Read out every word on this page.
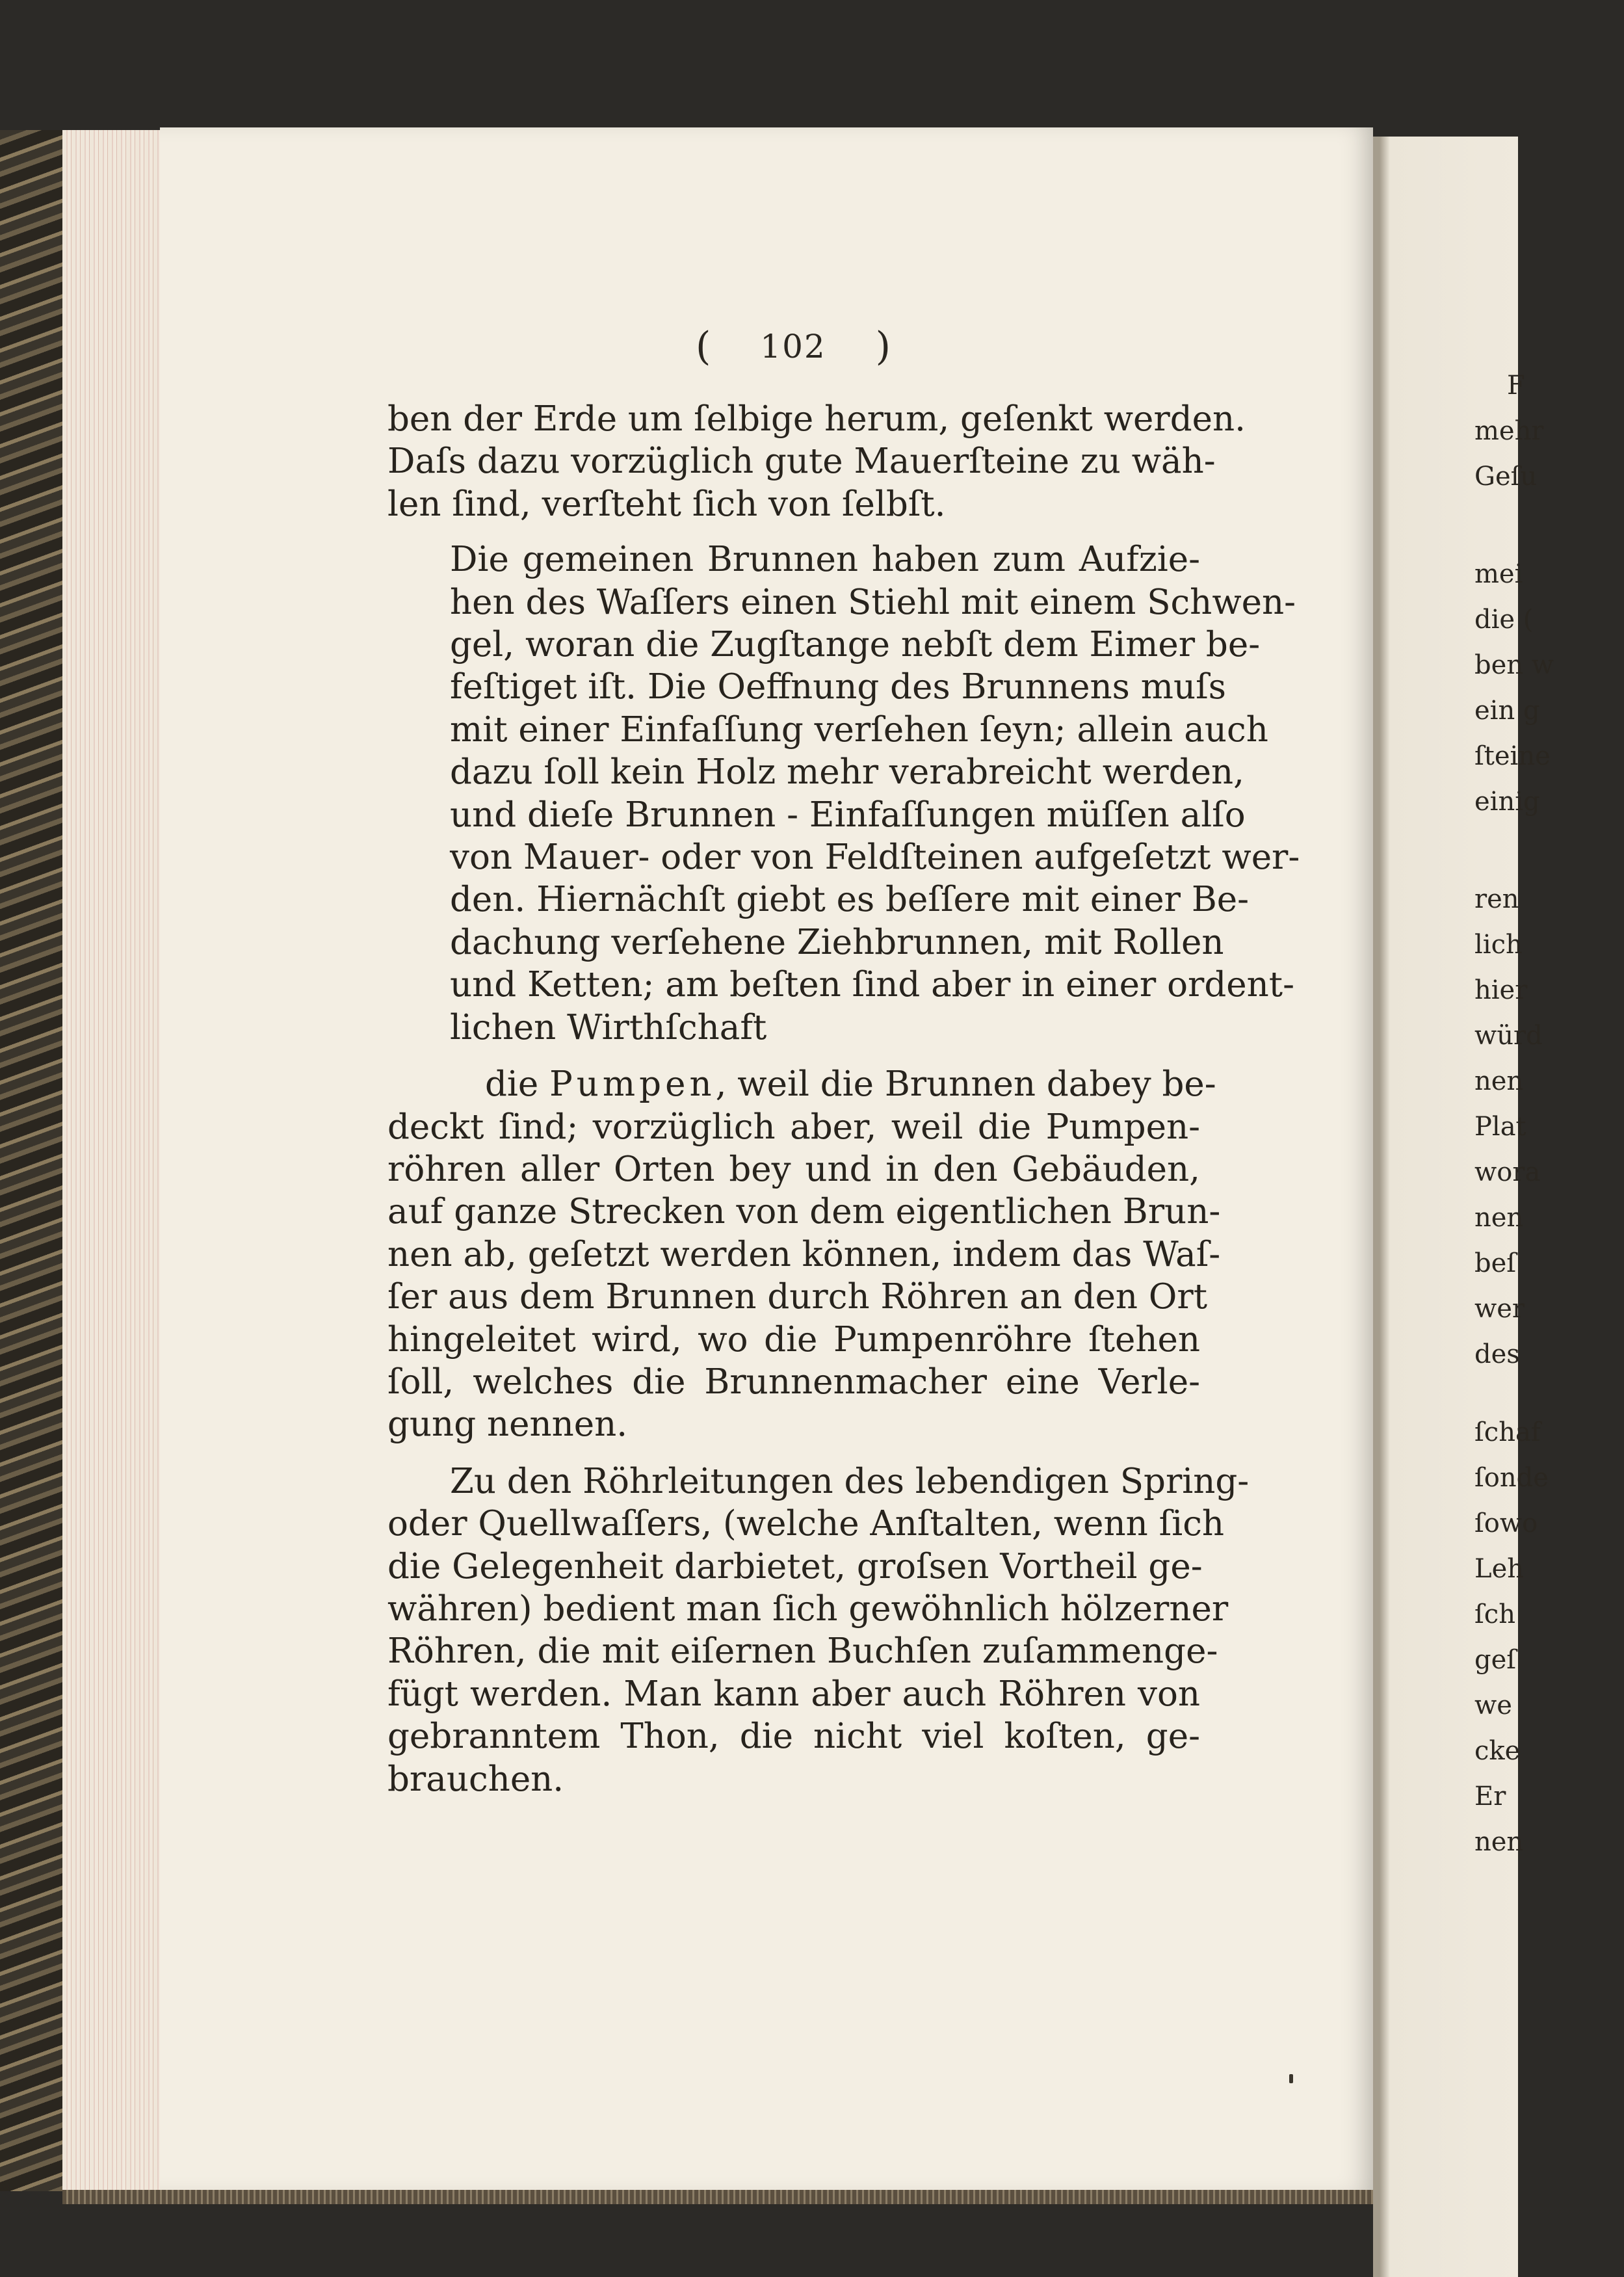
F
mehr
Geſu
mei
die (
ben w
ein g
ſteine
einig
ren
lich
hier
würd
nen
Plat
wora
nen
beſ
wer
des
ſchaf
ſonde
ſowo
Leh
ſch
geſ
we
cke
Er
nen
( 102 )
ben der Erde um ſelbige herum, geſenkt werden.
Daſs dazu vorzüglich gute Mauerſteine zu wäh-
len ſind, verſteht ſich von ſelbſt.
Die gemeinen Brunnen haben zum Aufzie-
hen des Waſſers einen Stiehl mit einem Schwen-
gel, woran die Zugſtange nebſt dem Eimer be-
feſtiget iſt. Die Oeffnung des Brunnens muſs
mit einer Einfaſſung verſehen ſeyn; allein auch
dazu ſoll kein Holz mehr verabreicht werden,
und dieſe Brunnen - Einfaſſungen müſſen alſo
von Mauer- oder von Feldſteinen aufgeſetzt wer-
den. Hiernächſt giebt es beſſere mit einer Be-
dachung verſehene Ziehbrunnen, mit Rollen
und Ketten; am beſten ſind aber in einer ordent-
lichen Wirthſchaft
die Pumpen, weil die Brunnen dabey be-
deckt ſind; vorzüglich aber, weil die Pumpen-
röhren aller Orten bey und in den Gebäuden,
auf ganze Strecken von dem eigentlichen Brun-
nen ab, geſetzt werden können, indem das Waſ-
ſer aus dem Brunnen durch Röhren an den Ort
hingeleitet wird, wo die Pumpenröhre ſtehen
ſoll, welches die Brunnenmacher eine Verle-
gung nennen.
Zu den Röhrleitungen des lebendigen Spring-
oder Quellwaſſers, (welche Anſtalten, wenn ſich
die Gelegenheit darbietet, groſsen Vortheil ge-
währen) bedient man ſich gewöhnlich hölzerner
Röhren, die mit eiſernen Buchſen zuſammenge-
fügt werden. Man kann aber auch Röhren von
gebranntem Thon, die nicht viel koſten, ge-
brauchen.
